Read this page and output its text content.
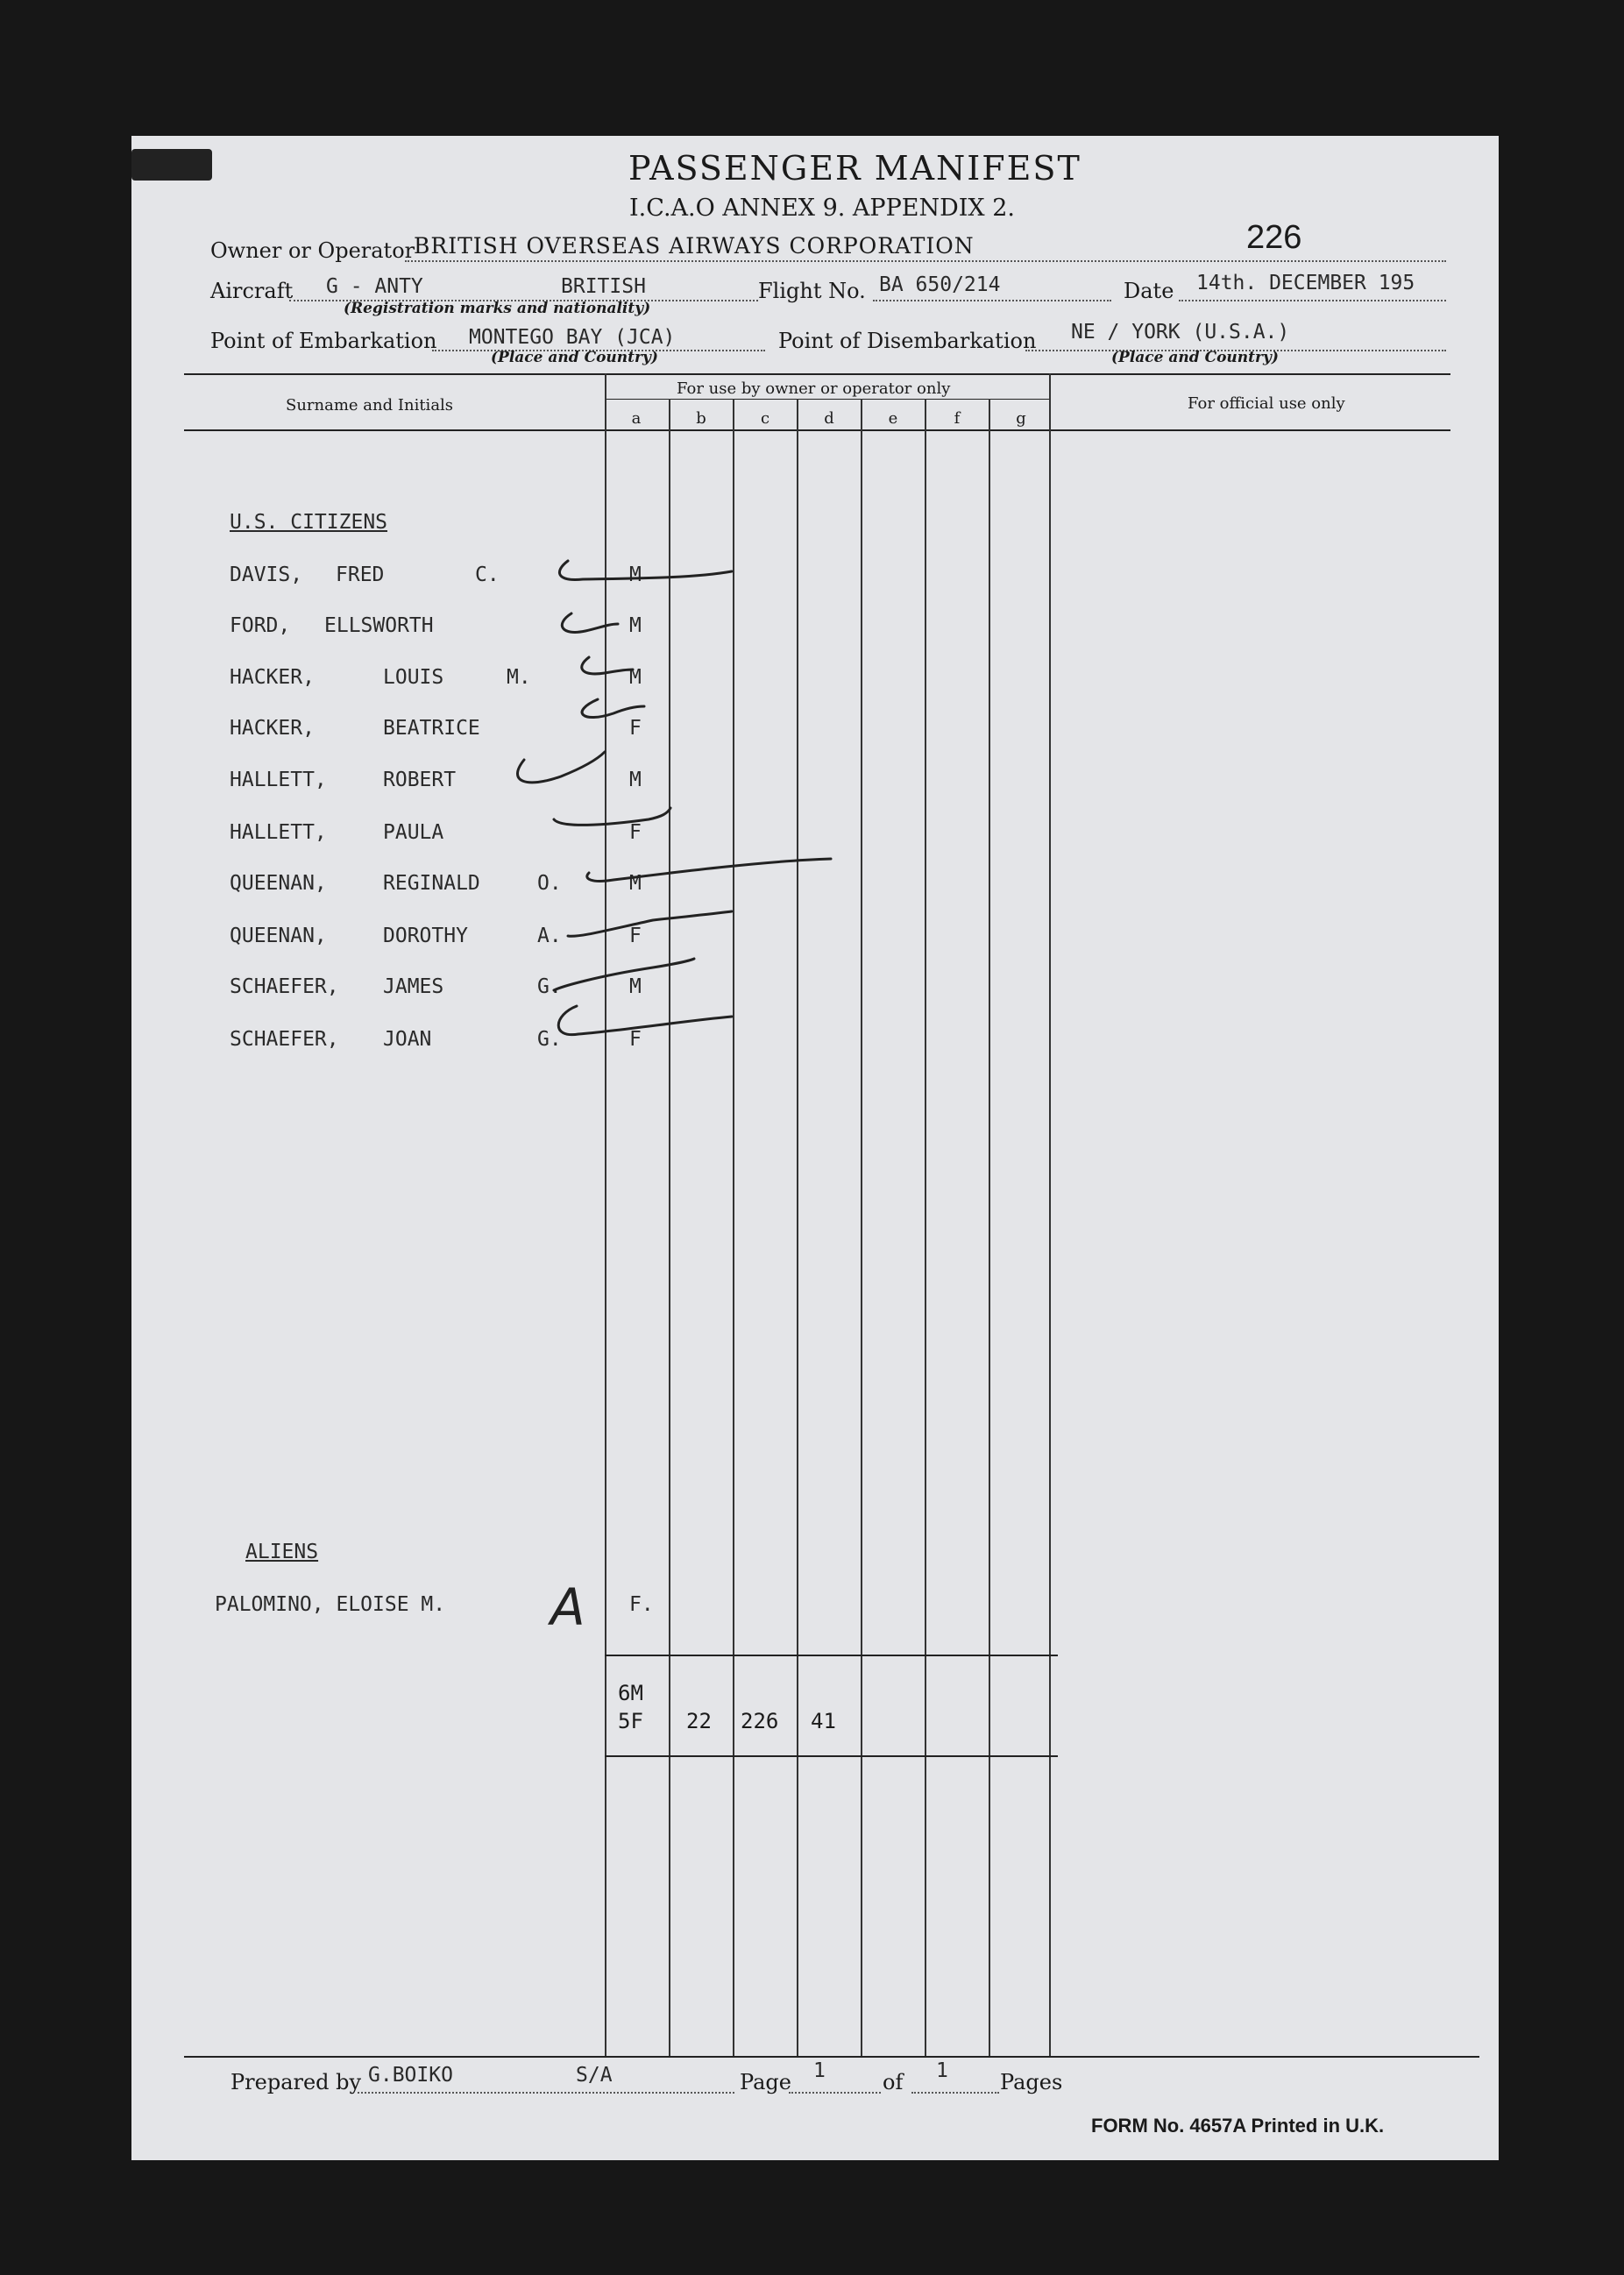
PASSENGER MANIFEST
I.C.A.O ANNEX 9. APPENDIX 2.
Owner or Operator
BRITISH OVERSEAS AIRWAYS CORPORATION	226
Aircraft G - ANTY	BRITISH
(Registration marks and nationality)
Flight No. BA 650/214	Date 14th. DECEMBER 195
Point of Embarkation MONTEGO BAY (JCA)
(Place and Country)
Point of Disembarkation NE / YORK (U.S.A.)
(Place and Country)
Surname and Initials
For use by owner or operator only
For official use only
a	b	c	d	e	f	g
U.S. CITIZENS
DAVIS, FRED	C.	M
FORD, ELLSWORTH	M
HACKER,	LOUIS	M.	M
HACKER,	BEATRICE	F
HALLETT,	ROBERT	M
HALLETT,	PAULA	F
QUEENAN,	REGINALD	O.	M
QUEENAN,	DOROTHY	A.	F
SCHAEFER, JAMES	G.	M
SCHAEFER, JOAN	G.	F
ALIENS
PALOMINO, ELOISE M. A F.
6M
5F 22 226 41
Prepared by G.BOIKO	S/A	Page 1	of 1 Pages
FORM No. 4657A Printed in U.K.
